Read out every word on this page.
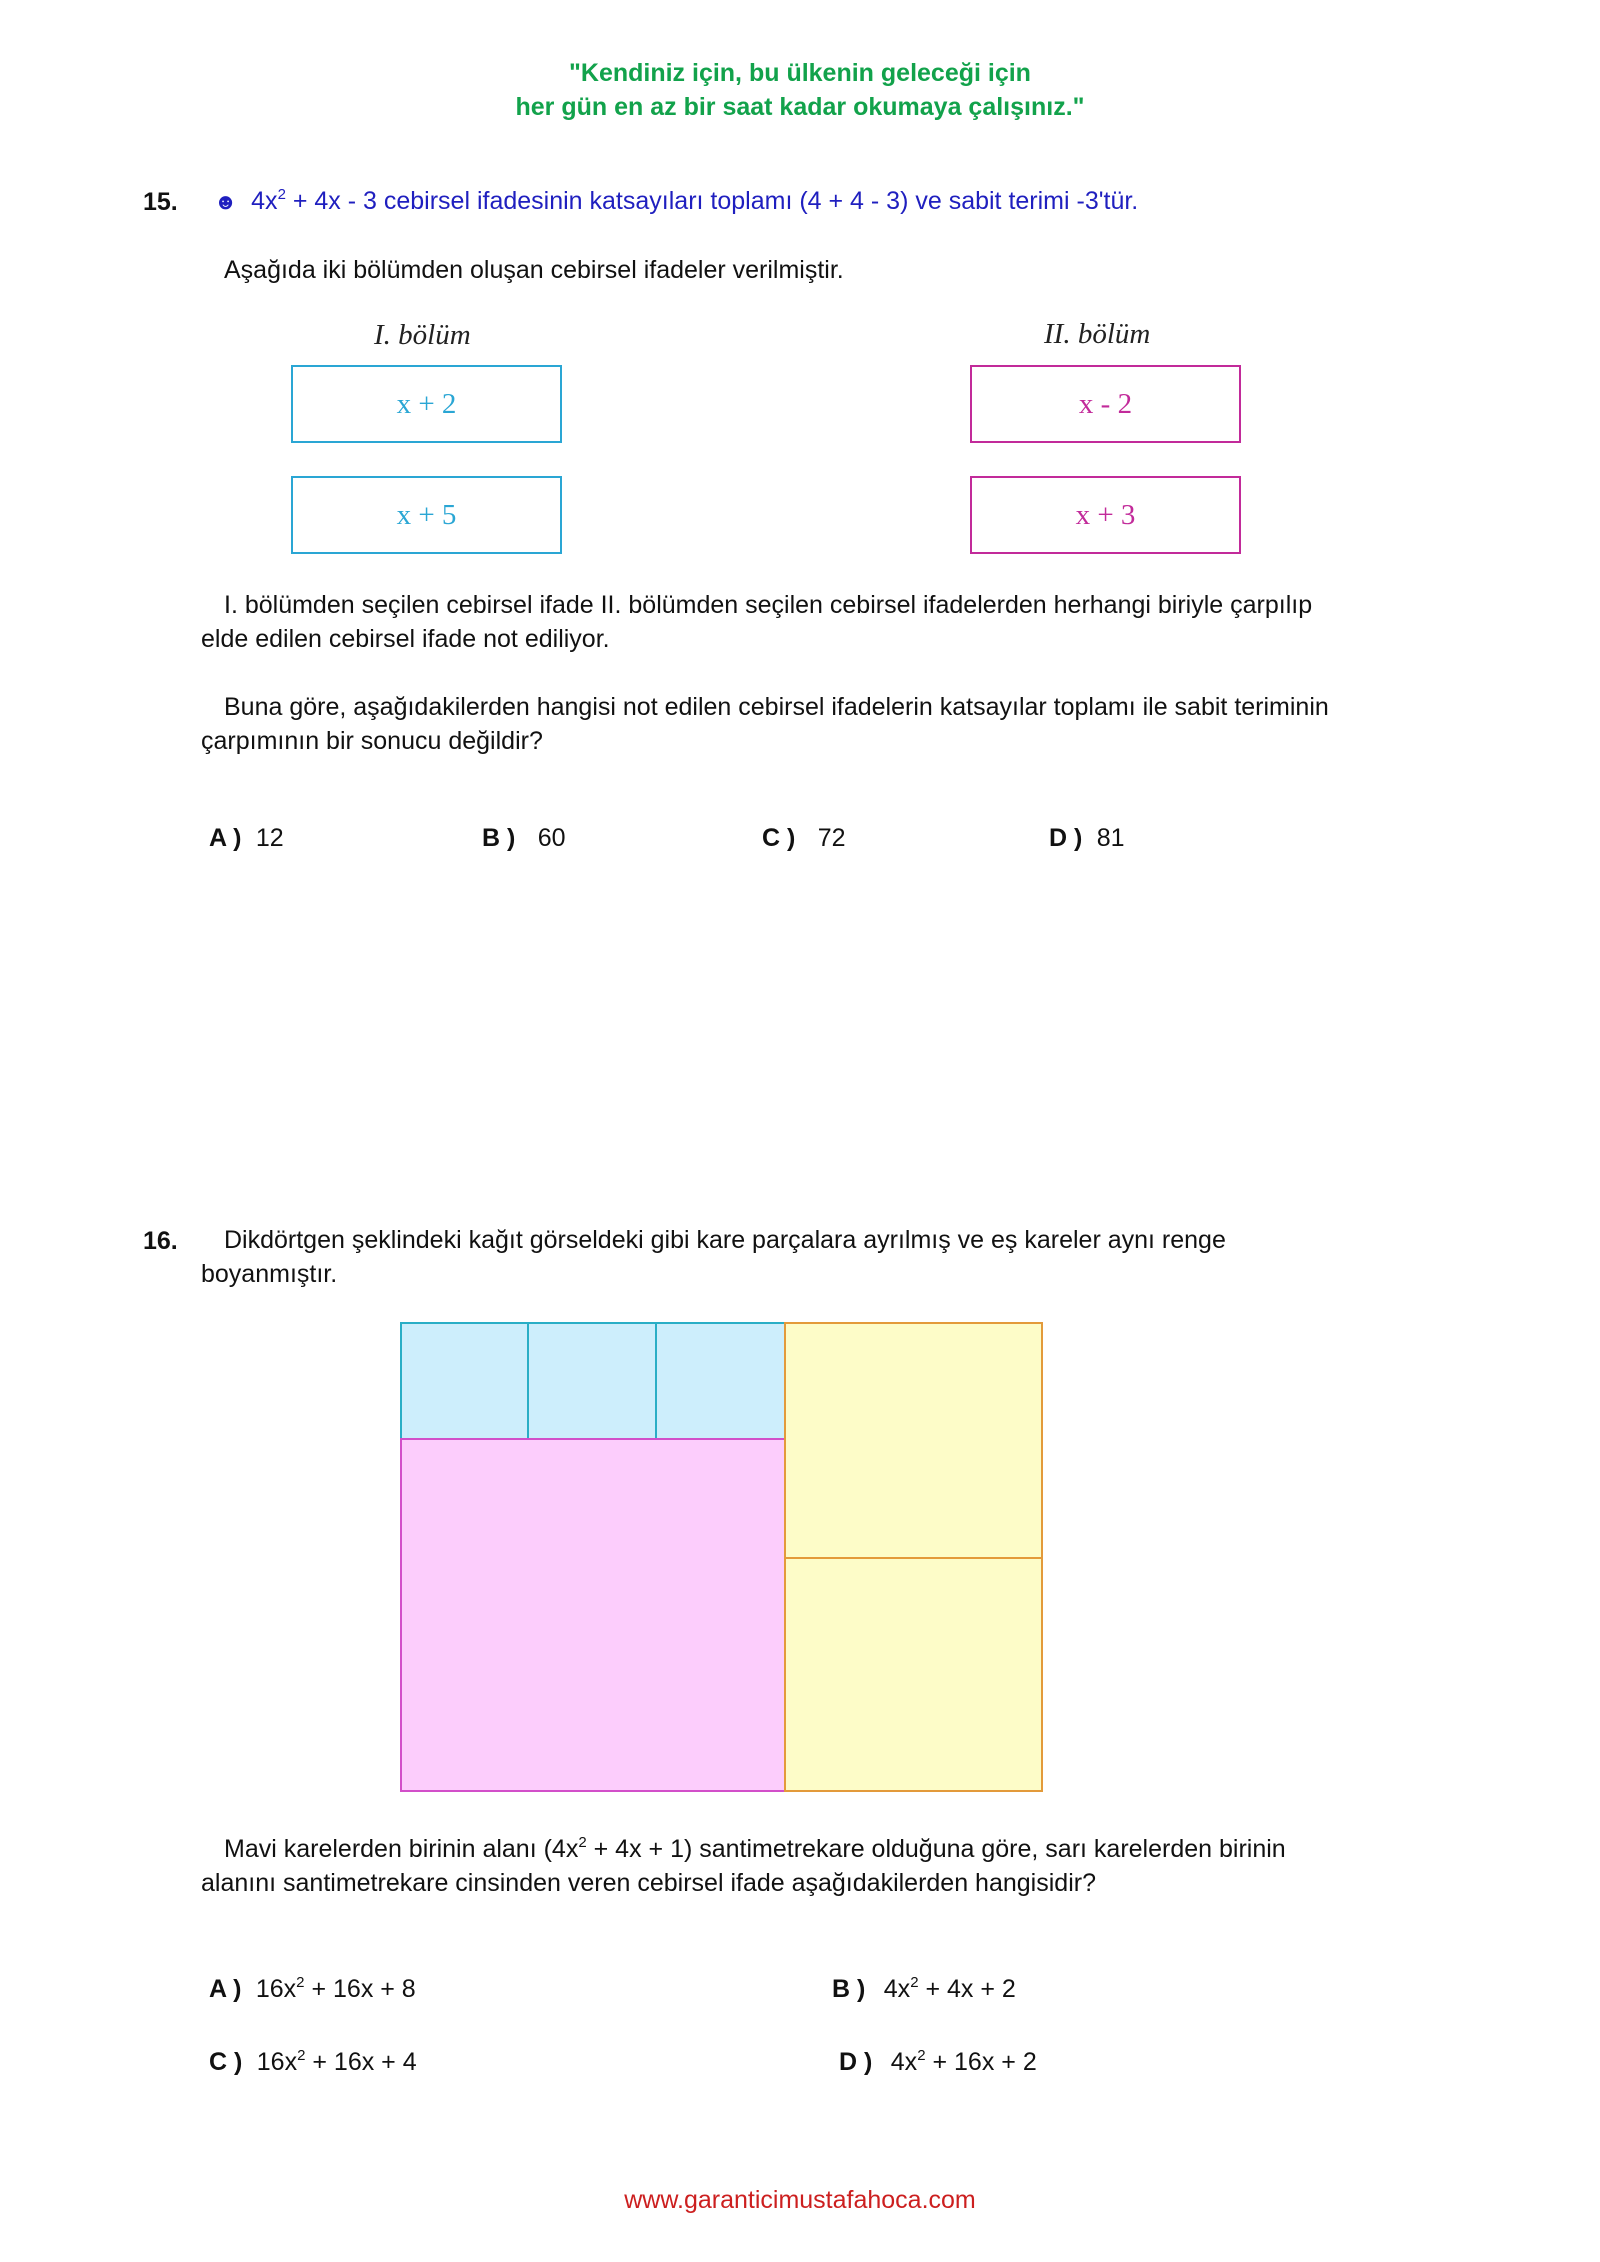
"Kendiniz için, bu ülkenin geleceği için
her gün en az bir saat kadar okumaya çalışınız."
15. ☻ $4x^2 + 4x - 3$ cebirsel ifadesinin katsayıları toplamı (4 + 4 - 3) ve sabit terimi -3'tür.
Aşağıda iki bölümden oluşan cebirsel ifadeler verilmiştir.
I. bölüm	II. bölüm
x + 2
x + 5
x - 2
x + 3
I. bölümden seçilen cebirsel ifade II. bölümden seçilen cebirsel ifadelerden herhangi biriyle çarpılıp
elde edilen cebirsel ifade not ediliyor.
Buna göre, aşağıdakilerden hangisi not edilen cebirsel ifadelerin katsayılar toplamı ile sabit teriminin
çarpımının bir sonucu değildir?
A ) 12	B ) 60	C ) 72	D ) 81
16. Dikdörtgen şeklindeki kağıt görseldeki gibi kare parçalara ayrılmış ve eş kareler aynı renge
boyanmıştır.
Mavi karelerden birinin alanı $(4x^2 + 4x + 1)$ santimetrekare olduğuna göre, sarı karelerden birinin
alanını santimetrekare cinsinden veren cebirsel ifade aşağıdakilerden hangisidir?
A ) $16x^2 + 16x + 8$	B ) $4x^2 + 4x + 2$
C ) $16x^2 + 16x + 4$	D ) $4x^2 + 16x + 2$
www.garanticimustafahoca.com
